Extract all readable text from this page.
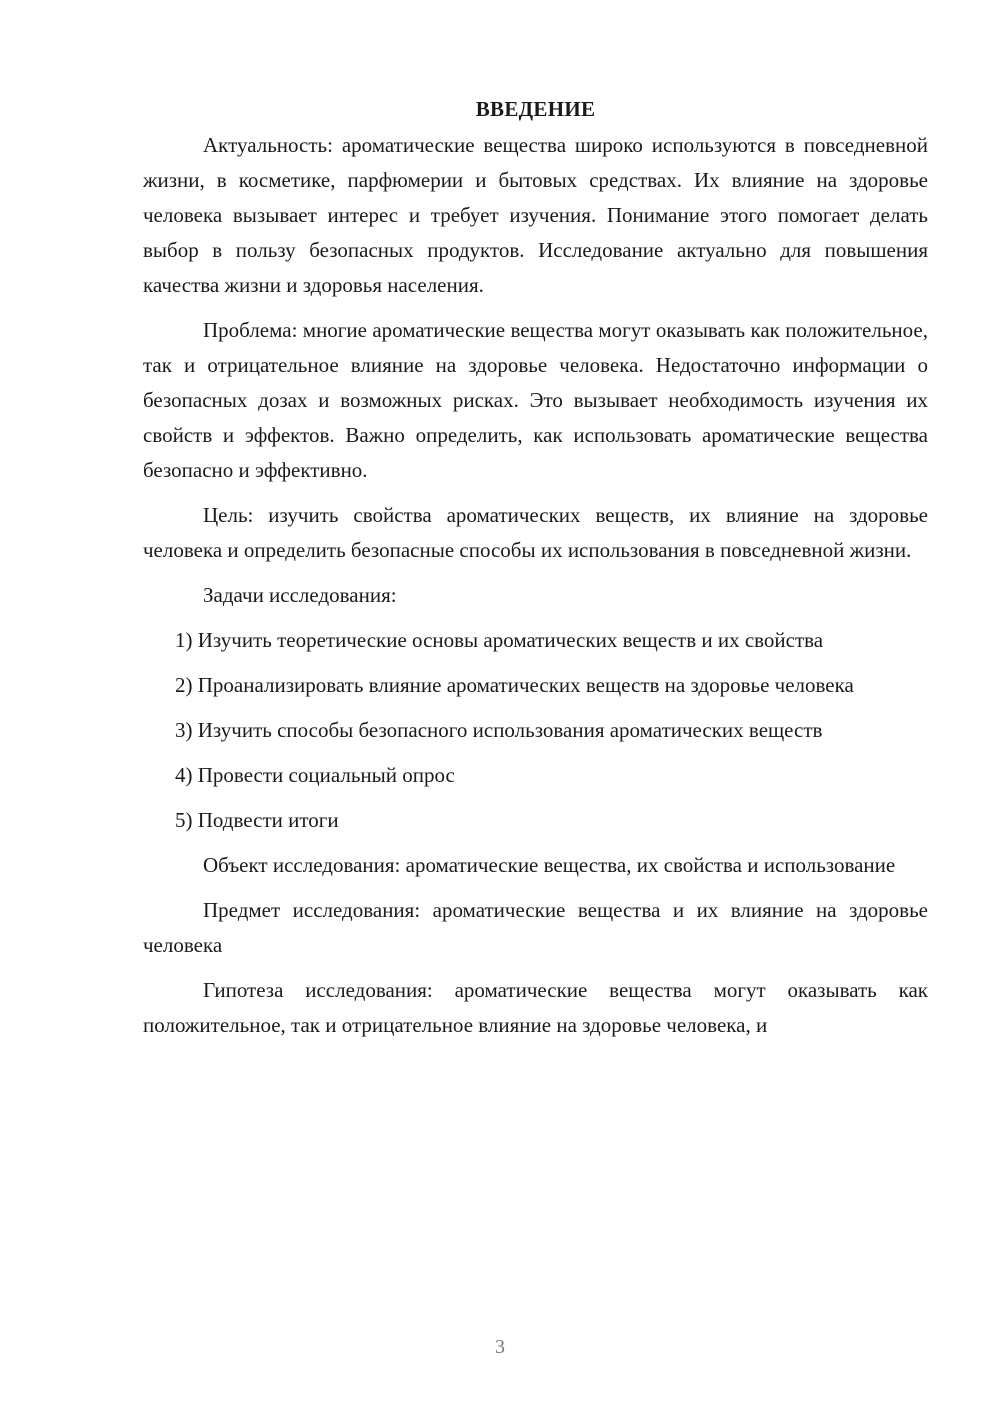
ВВЕДЕНИЕ

Актуальность: ароматические вещества широко используются в повседневной жизни, в косметике, парфюмерии и бытовых средствах. Их влияние на здоровье человека вызывает интерес и требует изучения. Понимание этого помогает делать выбор в пользу безопасных продуктов. Исследование актуально для повышения качества жизни и здоровья населения.

Проблема: многие ароматические вещества могут оказывать как положительное, так и отрицательное влияние на здоровье человека. Недостаточно информации о безопасных дозах и возможных рисках. Это вызывает необходимость изучения их свойств и эффектов. Важно определить, как использовать ароматические вещества безопасно и эффективно.

Цель: изучить свойства ароматических веществ, их влияние на здоровье человека и определить безопасные способы их использования в повседневной жизни.

Задачи исследования:

1) Изучить теоретические основы ароматических веществ и их свойства

2) Проанализировать влияние ароматических веществ на здоровье человека

3) Изучить способы безопасного использования ароматических веществ

4) Провести социальный опрос

5) Подвести итоги

Объект исследования: ароматические вещества, их свойства и использование

Предмет исследования: ароматические вещества и их влияние на здоровье человека

Гипотеза исследования: ароматические вещества могут оказывать как положительное, так и отрицательное влияние на здоровье человека, и

3
